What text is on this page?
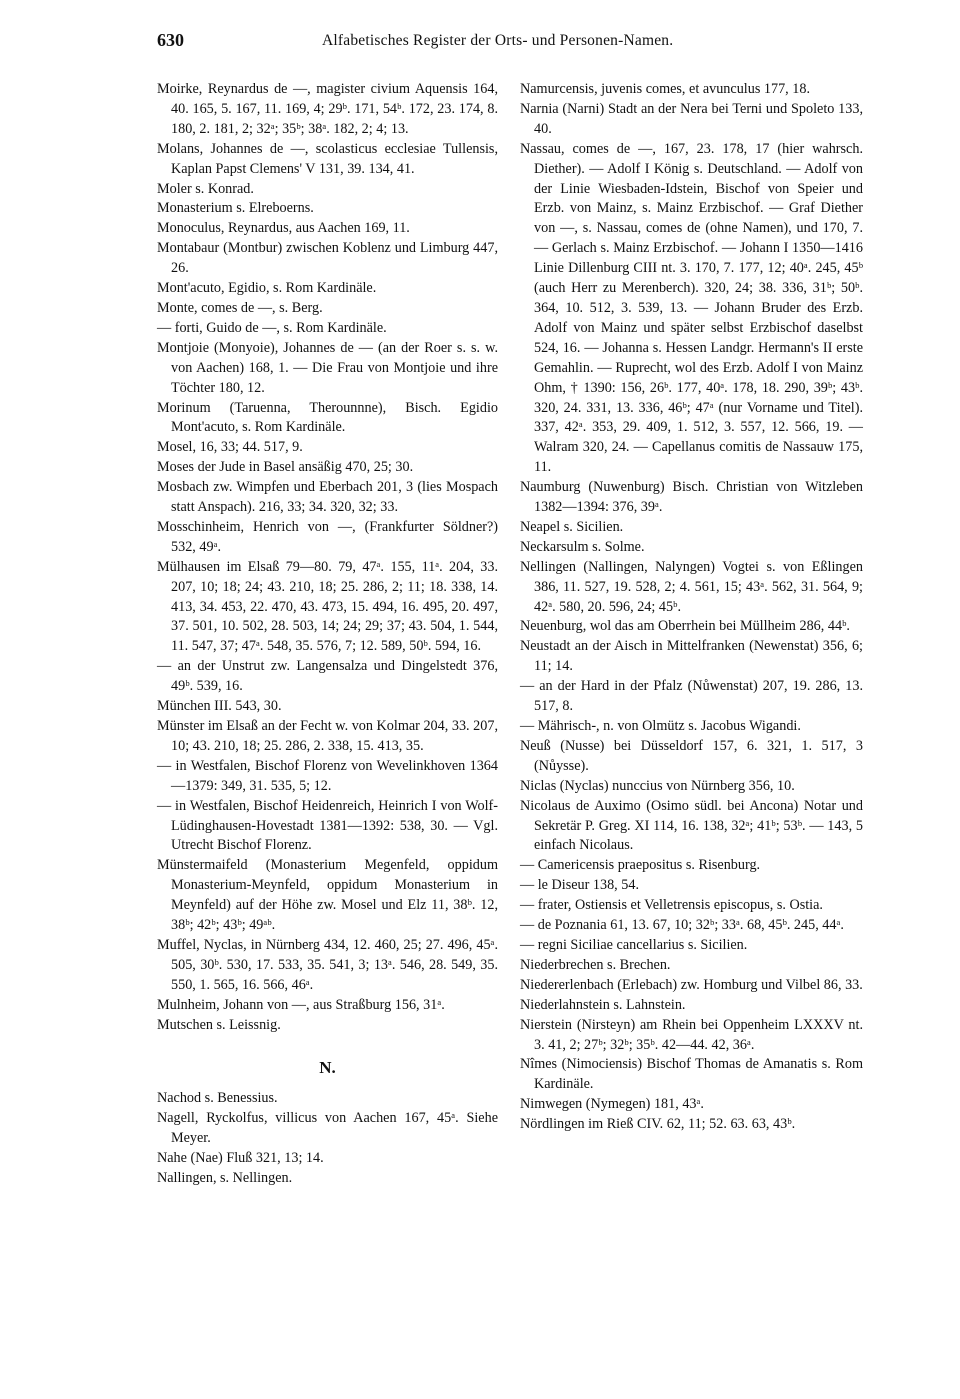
630	Alfabetisches Register der Orts- und Personen-Namen.

Moirke, Reynardus de —, magister civium Aquensis 164, 40. 165, 5. 167, 11. 169, 4; 29ᵇ. 171, 54ᵇ. 172, 23. 174, 8. 180, 2. 181, 2; 32ᵃ; 35ᵇ; 38ᵃ. 182, 2; 4; 13.

Molans, Johannes de —, scolasticus ecclesiae Tullensis, Kaplan Papst Clemens' V 131, 39. 134, 41.

Moler s. Konrad.

Monasterium s. Elreboerns.

Monoculus, Reynardus, aus Aachen 169, 11.

Montabaur (Montbur) zwischen Koblenz und Limburg 447, 26.

Mont'acuto, Egidio, s. Rom Kardinäle.

Monte, comes de —, s. Berg.

— forti, Guido de —, s. Rom Kardinäle.

Montjoie (Monyoie), Johannes de — (an der Roer s. s. w. von Aachen) 168, 1. — Die Frau von Montjoie und ihre Töchter 180, 12.

Morinum (Taruenna, Therounnne), Bisch. Egidio Mont'acuto, s. Rom Kardinäle.

Mosel, 16, 33; 44. 517, 9.

Moses der Jude in Basel ansäßig 470, 25; 30.

Mosbach zw. Wimpfen und Eberbach 201, 3 (lies Mospach statt Anspach). 216, 33; 34. 320, 32; 33.

Mosschinheim, Henrich von —, (Frankfurter Söldner?) 532, 49ᵃ.

Mülhausen im Elsaß 79—80. 79, 47ᵃ. 155, 11ᵃ. 204, 33. 207, 10; 18; 24; 43. 210, 18; 25. 286, 2; 11; 18. 338, 14. 413, 34. 453, 22. 470, 43. 473, 15. 494, 16. 495, 20. 497, 37. 501, 10. 502, 28. 503, 14; 24; 29; 37; 43. 504, 1. 544, 11. 547, 37; 47ᵃ. 548, 35. 576, 7; 12. 589, 50ᵇ. 594, 16.

— an der Unstrut zw. Langensalza und Dingelstedt 376, 49ᵇ. 539, 16.

München III. 543, 30.

Münster im Elsaß an der Fecht w. von Kolmar 204, 33. 207, 10; 43. 210, 18; 25. 286, 2. 338, 15. 413, 35.

— in Westfalen, Bischof Florenz von Wevelinkhoven 1364—1379: 349, 31. 535, 5; 12.

— in Westfalen, Bischof Heidenreich, Heinrich I von Wolf-Lüdinghausen-Hovestadt 1381—1392: 538, 30. — Vgl. Utrecht Bischof Florenz.

Münstermaifeld (Monasterium Megenfeld, oppidum Monasterium-Meynfeld, oppidum Monasterium in Meynfeld) auf der Höhe zw. Mosel und Elz 11, 38ᵇ. 12, 38ᵇ; 42ᵇ; 43ᵇ; 49ᵃᵇ.

Muffel, Nyclas, in Nürnberg 434, 12. 460, 25; 27. 496, 45ᵃ. 505, 30ᵇ. 530, 17. 533, 35. 541, 3; 13ᵃ. 546, 28. 549, 35. 550, 1. 565, 16. 566, 46ᵃ.

Mulnheim, Johann von —, aus Straßburg 156, 31ᵃ.

Mutschen s. Leissnig.

N.

Nachod s. Benessius.

Nagell, Ryckolfus, villicus von Aachen 167, 45ᵃ. Siehe Meyer.

Nahe (Nae) Fluß 321, 13; 14.

Nallingen, s. Nellingen.

Namurcensis, juvenis comes, et avunculus 177, 18.

Narnia (Narni) Stadt an der Nera bei Terni und Spoleto 133, 40.

Nassau, comes de —, 167, 23. 178, 17 (hier wahrsch. Diether). — Adolf I König s. Deutschland. — Adolf von der Linie Wiesbaden-Idstein, Bischof von Speier und Erzb. von Mainz, s. Mainz Erzbischof. — Graf Diether von —, s. Nassau, comes de (ohne Namen), und 170, 7. — Gerlach s. Mainz Erzbischof. — Johann I 1350—1416 Linie Dillenburg CIII nt. 3. 170, 7. 177, 12; 40ᵃ. 245, 45ᵇ (auch Herr zu Merenberch). 320, 24; 38. 336, 31ᵇ; 50ᵇ. 364, 10. 512, 3. 539, 13. — Johann Bruder des Erzb. Adolf von Mainz und später selbst Erzbischof daselbst 524, 16. — Johanna s. Hessen Landgr. Hermann's II erste Gemahlin. — Ruprecht, wol des Erzb. Adolf I von Mainz Ohm, † 1390: 156, 26ᵇ. 177, 40ᵃ. 178, 18. 290, 39ᵇ; 43ᵇ. 320, 24. 331, 13. 336, 46ᵇ; 47ᵃ (nur Vorname und Titel). 337, 42ᵃ. 353, 29. 409, 1. 512, 3. 557, 12. 566, 19. — Walram 320, 24. — Capellanus comitis de Nassauw 175, 11.

Naumburg (Nuwenburg) Bisch. Christian von Witzleben 1382—1394: 376, 39ᵃ.

Neapel s. Sicilien.

Neckarsulm s. Solme.

Nellingen (Nallingen, Nalyngen) Vogtei s. von Eßlingen 386, 11. 527, 19. 528, 2; 4. 561, 15; 43ᵃ. 562, 31. 564, 9; 42ᵃ. 580, 20. 596, 24; 45ᵇ.

Neuenburg, wol das am Oberrhein bei Müllheim 286, 44ᵇ.

Neustadt an der Aisch in Mittelfranken (Newenstat) 356, 6; 11; 14.

— an der Hard in der Pfalz (Nůwenstat) 207, 19. 286, 13. 517, 8.

— Mährisch-, n. von Olmütz s. Jacobus Wigandi.

Neuß (Nusse) bei Düsseldorf 157, 6. 321, 1. 517, 3 (Nůysse).

Niclas (Nyclas) nunccius von Nürnberg 356, 10.

Nicolaus de Auximo (Osimo südl. bei Ancona) Notar und Sekretär P. Greg. XI 114, 16. 138, 32ᵃ; 41ᵇ; 53ᵇ. — 143, 5 einfach Nicolaus.

— Camericensis praepositus s. Risenburg.

— le Diseur 138, 54.

— frater, Ostiensis et Velletrensis episcopus, s. Ostia.

— de Poznania 61, 13. 67, 10; 32ᵇ; 33ᵃ. 68, 45ᵇ. 245, 44ᵃ.

— regni Siciliae cancellarius s. Sicilien.

Niederbrechen s. Brechen.

Niedererlenbach (Erlebach) zw. Homburg und Vilbel 86, 33.

Niederlahnstein s. Lahnstein.

Nierstein (Nirsteyn) am Rhein bei Oppenheim LXXXV nt. 3. 41, 2; 27ᵇ; 32ᵇ; 35ᵇ. 42—44. 42, 36ᵃ.

Nîmes (Nimociensis) Bischof Thomas de Amanatis s. Rom Kardinäle.

Nimwegen (Nymegen) 181, 43ᵃ.

Nördlingen im Rieß CIV. 62, 11; 52. 63. 63, 43ᵇ.
